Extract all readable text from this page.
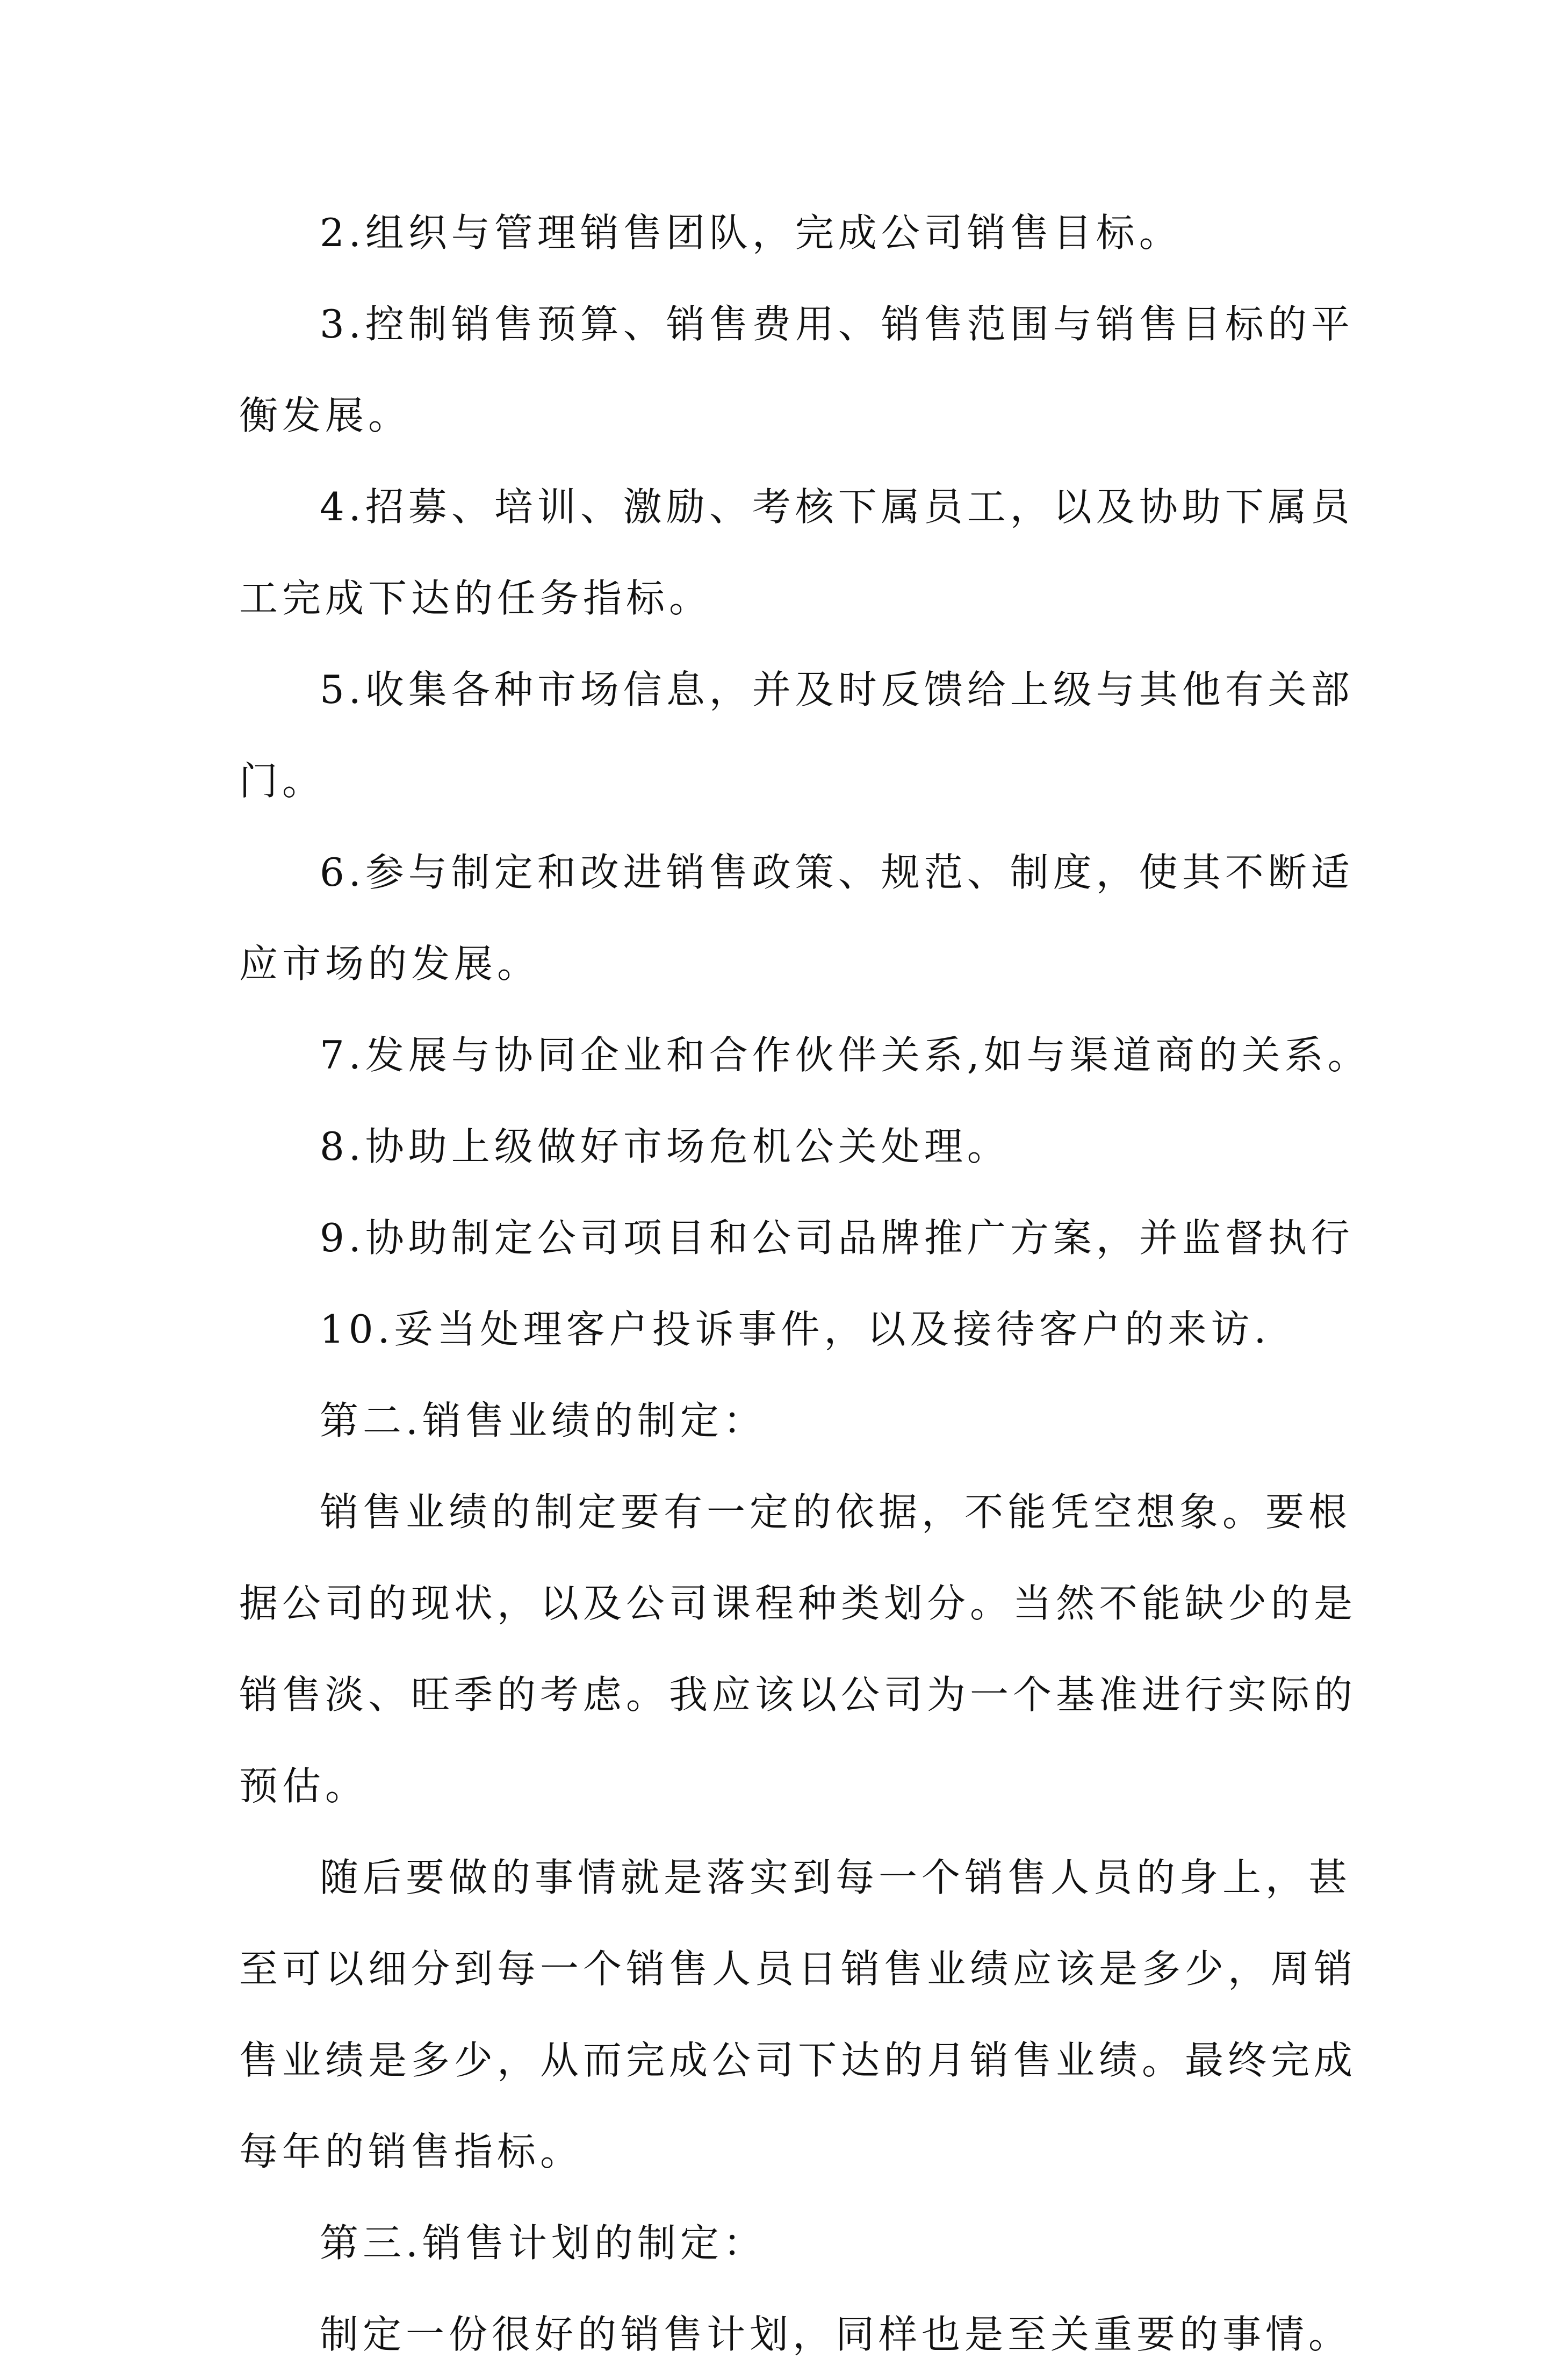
2.组织与管理销售团队，完成公司销售目标。
3.控制销售预算、销售费用、销售范围与销售目标的平
衡发展。
4.招募、培训、激励、考核下属员工，以及协助下属员
工完成下达的任务指标。
5.收集各种市场信息，并及时反馈给上级与其他有关部
门。
6.参与制定和改进销售政策、规范、制度，使其不断适
应市场的发展。
7.发展与协同企业和合作伙伴关系,如与渠道商的关系。
8.协助上级做好市场危机公关处理。
9.协助制定公司项目和公司品牌推广方案，并监督执行
10.妥当处理客户投诉事件，以及接待客户的来访.
第二.销售业绩的制定：
销售业绩的制定要有一定的依据，不能凭空想象。要根
据公司的现状，以及公司课程种类划分。当然不能缺少的是
销售淡、旺季的考虑。我应该以公司为一个基准进行实际的
预估。
随后要做的事情就是落实到每一个销售人员的身上，甚
至可以细分到每一个销售人员日销售业绩应该是多少，周销
售业绩是多少，从而完成公司下达的月销售业绩。最终完成
每年的销售指标。
第三.销售计划的制定：
制定一份很好的销售计划，同样也是至关重要的事情。
